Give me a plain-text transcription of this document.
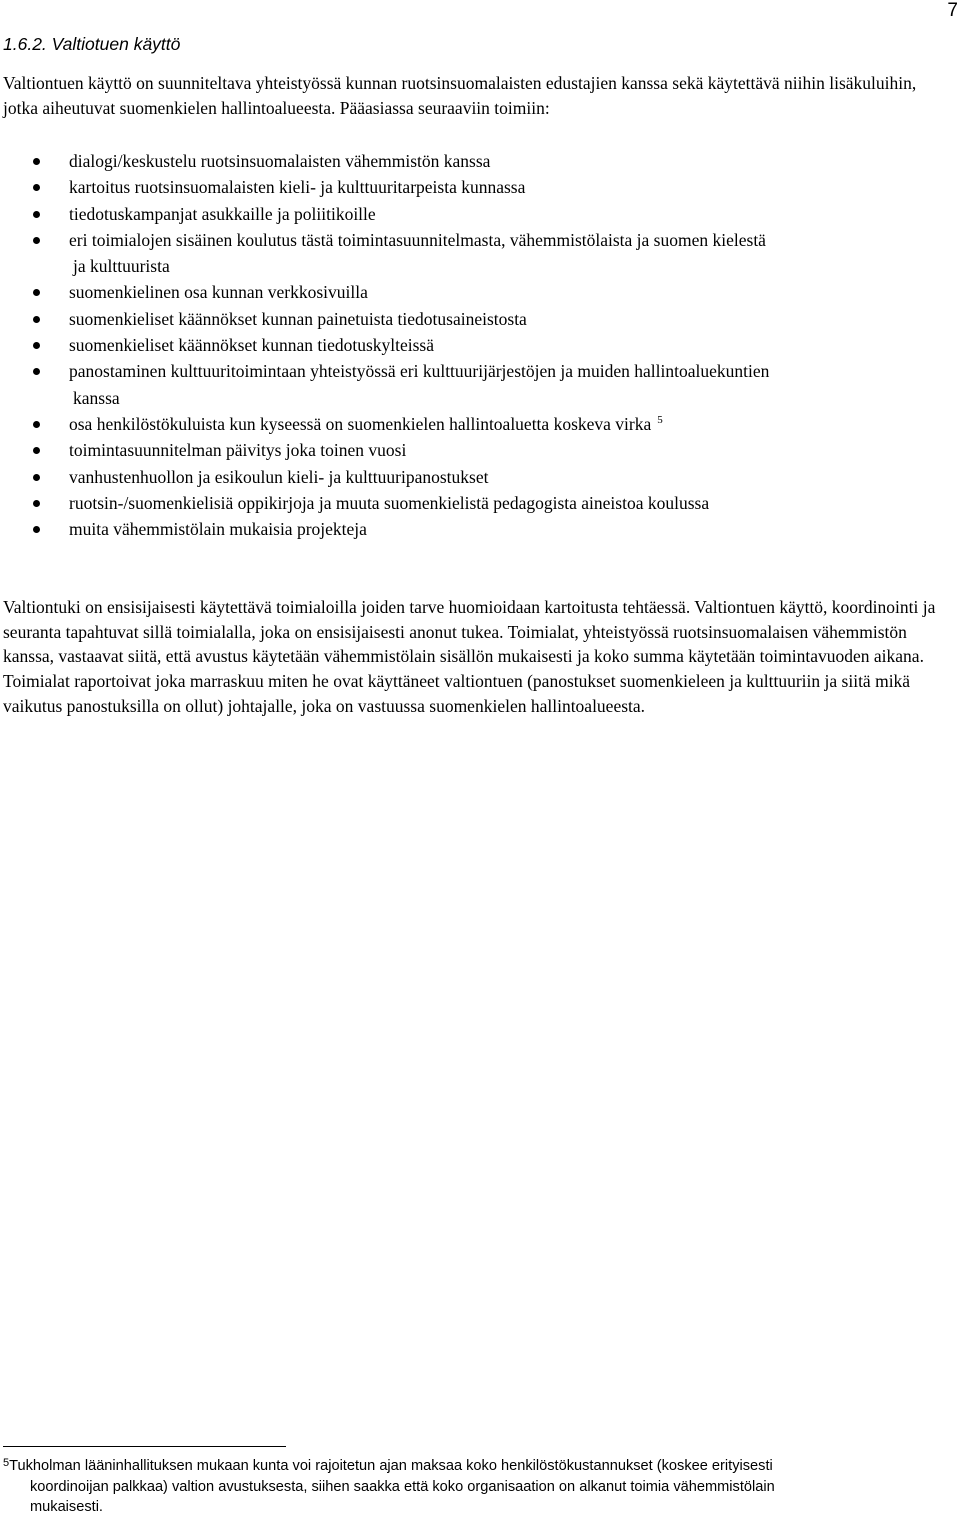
7
1.6.2. Valtiotuen käyttö

Valtiontuen käyttö on suunniteltava yhteistyössä kunnan ruotsinsuomalaisten edustajien kanssa sekä käytettävä niihin lisäkuluihin, jotka aiheutuvat suomenkielen hallintoalueesta. Pääasiassa seuraaviin toimiin:

dialogi/keskustelu ruotsinsuomalaisten vähemmistön kanssa
kartoitus ruotsinsuomalaisten kieli- ja kulttuuritarpeista kunnassa
tiedotuskampanjat asukkaille ja poliitikoille
eri toimialojen sisäinen koulutus tästä toimintasuunnitelmasta, vähemmistölaista ja suomen kielestä
ja kulttuurista
suomenkielinen osa kunnan verkkosivuilla
suomenkieliset käännökset kunnan painetuista tiedotusaineistosta
suomenkieliset käännökset kunnan tiedotuskylteissä
panostaminen kulttuuritoimintaan yhteistyössä eri kulttuurijärjestöjen ja muiden hallintoaluekuntien
kanssa
osa henkilöstökuluista kun kyseessä on suomenkielen hallintoaluetta koskeva virka $^5$
toimintasuunnitelman päivitys joka toinen vuosi
vanhustenhuollon ja esikoulun kieli- ja kulttuuripanostukset
ruotsin-/suomenkielisiä oppikirjoja ja muuta suomenkielistä pedagogista aineistoa koulussa
muita vähemmistölain mukaisia projekteja

Valtiontuki on ensisijaisesti käytettävä toimialoilla joiden tarve huomioidaan kartoitusta tehtäessä. Valtiontuen käyttö, koordinointi ja seuranta tapahtuvat sillä toimialalla, joka on ensisijaisesti anonut tukea. Toimialat, yhteistyössä ruotsinsuomalaisen vähemmistön kanssa, vastaavat siitä, että avustus käytetään vähemmistölain sisällön mukaisesti ja koko summa käytetään toimintavuoden aikana. Toimialat raportoivat joka marraskuu miten he ovat käyttäneet valtiontuen (panostukset suomenkieleen ja kulttuuriin ja siitä mikä vaikutus panostuksilla on ollut) johtajalle, joka on vastuussa suomenkielen hallintoalueesta.

$^5$Tukholman lääninhallituksen mukaan kunta voi rajoitetun ajan maksaa koko henkilöstökustannukset (koskee erityisesti
koordinoijan palkkaa) valtion avustuksesta, siihen saakka että koko organisaation on alkanut toimia vähemmistölain
mukaisesti.
